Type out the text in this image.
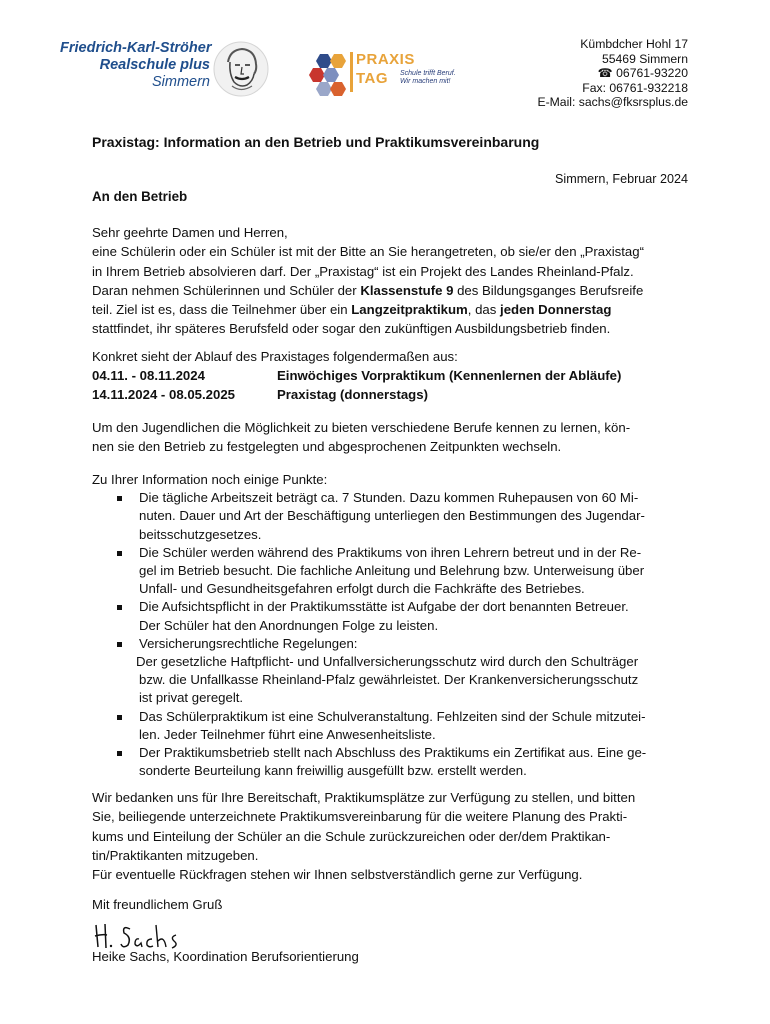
Friedrich-Karl-Ströher
Realschule plus
Simmern
PRAXIS
TAG Schule trifft Beruf.
Wir machen mit!
Kümbdcher Hohl 17
55469 Simmern
☎ 06761-93220
Fax: 06761-932218
E-Mail: sachs@fksrsplus.de
Praxistag: Information an den Betrieb und Praktikumsvereinbarung
Simmern, Februar 2024
An den Betrieb

Sehr geehrte Damen und Herren,

eine Schülerin oder ein Schüler ist mit der Bitte an Sie herangetreten, ob sie/er den „Praxistag“

in Ihrem Betrieb absolvieren darf. Der „Praxistag“ ist ein Projekt des Landes Rheinland-Pfalz.

Daran nehmen Schülerinnen und Schüler der Klassenstufe 9 des Bildungsganges Berufsreife

teil. Ziel ist es, dass die Teilnehmer über ein Langzeitpraktikum, das jeden Donnerstag

stattfindet, ihr späteres Berufsfeld oder sogar den zukünftigen Ausbildungsbetrieb finden.

Konkret sieht der Ablauf des Praxistages folgendermaßen aus:
04.11. - 08.11.2024	Einwöchiges Vorpraktikum (Kennenlernen der Abläufe)
14.11.2024 - 08.05.2025	Praxistag (donnerstags)

Um den Jugendlichen die Möglichkeit zu bieten verschiedene Berufe kennen zu lernen, kön-

nen sie den Betrieb zu festgelegten und abgesprochenen Zeitpunkten wechseln.

Zu Ihrer Information noch einige Punkte:

Die tägliche Arbeitszeit beträgt ca. 7 Stunden. Dazu kommen Ruhepausen von 60 Mi-
nuten. Dauer und Art der Beschäftigung unterliegen den Bestimmungen des Jugendar-
beitsschutzgesetzes.
Die Schüler werden während des Praktikums von ihren Lehrern betreut und in der Re-
gel im Betrieb besucht. Die fachliche Anleitung und Belehrung bzw. Unterweisung über
Unfall- und Gesundheitsgefahren erfolgt durch die Fachkräfte des Betriebes.
Die Aufsichtspflicht in der Praktikumsstätte ist Aufgabe der dort benannten Betreuer.
Der Schüler hat den Anordnungen Folge zu leisten.
Versicherungsrechtliche Regelungen:
Der gesetzliche Haftpflicht- und Unfallversicherungsschutz wird durch den Schulträger
bzw. die Unfallkasse Rheinland-Pfalz gewährleistet. Der Krankenversicherungsschutz
ist privat geregelt.
Das Schülerpraktikum ist eine Schulveranstaltung. Fehlzeiten sind der Schule mitzutei-
len. Jeder Teilnehmer führt eine Anwesenheitsliste.
Der Praktikumsbetrieb stellt nach Abschluss des Praktikums ein Zertifikat aus. Eine ge-
sonderte Beurteilung kann freiwillig ausgefüllt bzw. erstellt werden.

Wir bedanken uns für Ihre Bereitschaft, Praktikumsplätze zur Verfügung zu stellen, und bitten

Sie, beiliegende unterzeichnete Praktikumsvereinbarung für die weitere Planung des Prakti-

kums und Einteilung der Schüler an die Schule zurückzureichen oder der/dem Praktikan-

tin/Praktikanten mitzugeben.

Für eventuelle Rückfragen stehen wir Ihnen selbstverständlich gerne zur Verfügung.

Mit freundlichem Gruß
Heike Sachs, Koordination Berufsorientierung
